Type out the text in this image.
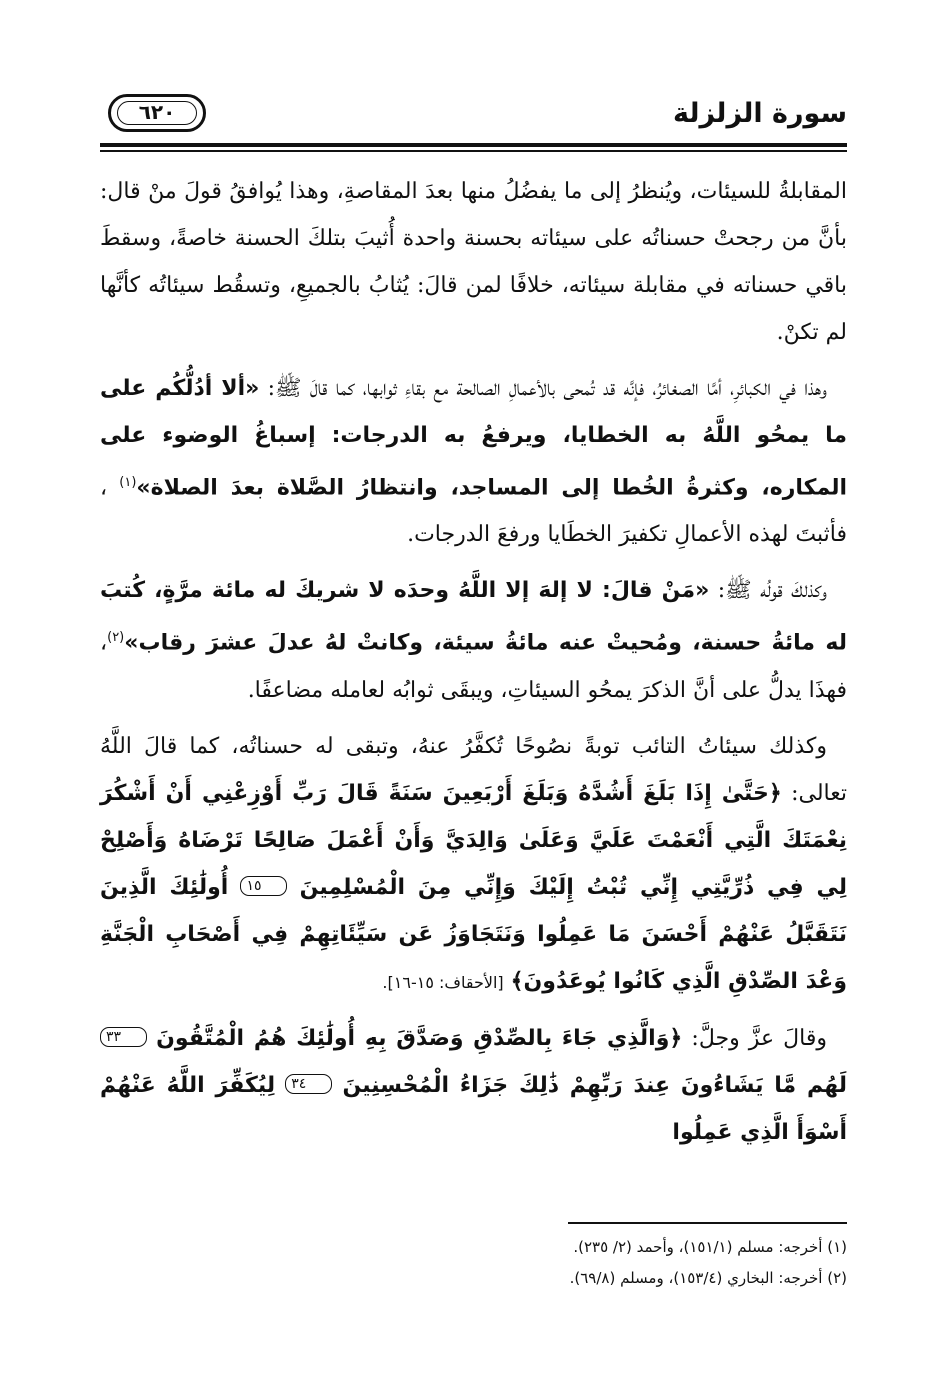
سورة الزلزلة
٦٢٠

المقابلةُ للسيئات، ويُنظرُ إلى ما يفضُلُ منها بعدَ المقاصةِ، وهذا يُوافقُ قولَ منْ قال: بأنَّ من رجحتْ حسناتُه على سيئاته بحسنة واحدة أُثيبَ بتلكَ الحسنة خاصةً، وسقطَ باقي حسناته في مقابلة سيئاته، خلافًا لمن قالَ: يُثابُ بالجميعِ، وتسقُط سيئاتُه كأنَّها لم تكنْ.

وهذا في الكبائرِ، أمَّا الصغائرُ، فإنَّه قد تُمحى بالأعمالِ الصالحة مع بقاءِ ثوابها، كما قالَ ﷺ: «ألا أدُلُّكُم على ما يمحُو اللَّهُ به الخطايا، ويرفعُ به الدرجات: إسباغُ الوضوء على المكاره، وكثرةُ الخُطا إلى المساجد، وانتظارُ الصَّلاة بعدَ الصلاة»$^{(١)}$ ، فأثبتَ لهذه الأعمالِ تكفيرَ الخطَايا ورفعَ الدرجات.

وكذلكَ قولُه ﷺ: «مَنْ قالَ: لا إلهَ إلا اللَّهُ وحدَه لا شريكَ له مائة مرَّةٍ، كُتبَ له مائةُ حسنة، ومُحيتْ عنه مائةُ سيئة، وكانتْ لهُ عدلَ عشرَ رقاب»$^{(٢)}$، فهذَا يدلُّ على أنَّ الذكرَ يمحُو السيئاتِ، ويبقَى ثوابُه لعامله مضاعفًا.

وكذلك سيئاتُ التائب توبةً نصُوحًا تُكفَّرُ عنهُ، وتبقى له حسناتُه، كما قالَ اللَّهُ تعالى: ﴿حَتَّىٰ إِذَا بَلَغَ أَشُدَّهُ وَبَلَغَ أَرْبَعِينَ سَنَةً قَالَ رَبِّ أَوْزِعْنِي أَنْ أَشْكُرَ نِعْمَتَكَ الَّتِي أَنْعَمْتَ عَلَيَّ وَعَلَىٰ وَالِدَيَّ وَأَنْ أَعْمَلَ صَالِحًا تَرْضَاهُ وَأَصْلِحْ لِي فِي ذُرِّيَّتِي إِنِّي تُبْتُ إِلَيْكَ وَإِنِّي مِنَ الْمُسْلِمِينَ ١٥ أُولَٰئِكَ الَّذِينَ نَتَقَبَّلُ عَنْهُمْ أَحْسَنَ مَا عَمِلُوا وَنَتَجَاوَزُ عَن سَيِّئَاتِهِمْ فِي أَصْحَابِ الْجَنَّةِ وَعْدَ الصِّدْقِ الَّذِي كَانُوا يُوعَدُونَ﴾ [الأحقاف: ١٥-١٦].

وقالَ عزَّ وجلَّ: ﴿وَالَّذِي جَاءَ بِالصِّدْقِ وَصَدَّقَ بِهِ أُولَٰئِكَ هُمُ الْمُتَّقُونَ ٣٣ لَهُم مَّا يَشَاءُونَ عِندَ رَبِّهِمْ ذَٰلِكَ جَزَاءُ الْمُحْسِنِينَ ٣٤ لِيُكَفِّرَ اللَّهُ عَنْهُمْ أَسْوَأَ الَّذِي عَمِلُوا

(١) أخرجه: مسلم (١٥١/١)، وأحمد (٢/ ٢٣٥).
(٢) أخرجه: البخاري (١٥٣/٤)، ومسلم (٦٩/٨).
